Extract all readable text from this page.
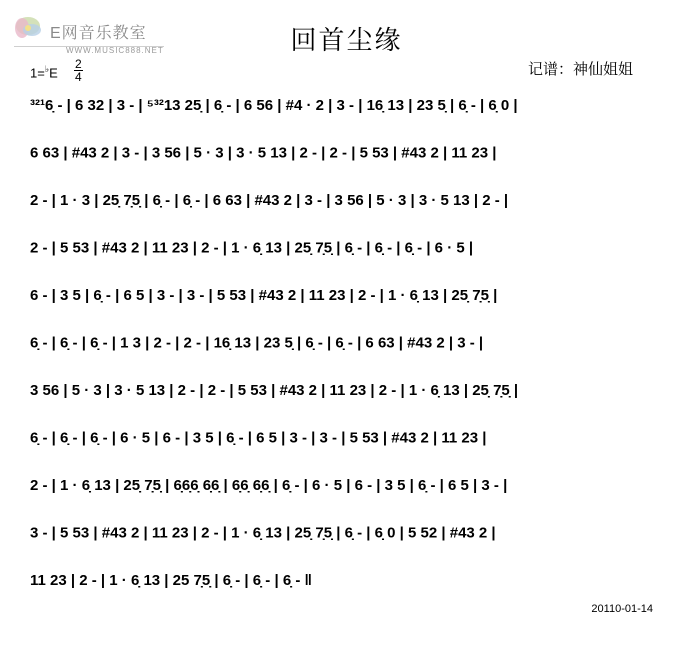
E网音乐教室
WWW.MUSIC888.NET	回首尘缘
1=♭E
2
4	记谱：神仙姐姐
³²¹6̣ - | 6 32 | 3 - | ⁵³²13 25̣ | 6̣ - | 6 56 | #4 · 2 | 3 - | 16̣ 13 | 23 5̣ | 6̣ - | 6̣ 0 |
6 63 | #43 2 | 3 - | 3 56 | 5 · 3 | 3 · 5 13 | 2 - | 2 - | 5 53 | #43 2 | 11 23 |
2 - | 1 · 3 | 25̣ 7̣5̣ | 6̣ - | 6̣ - | 6 63 | #43 2 | 3 - | 3 56 | 5 · 3 | 3 · 5 13 | 2 - |
2 - | 5 53 | #43 2 | 11 23 | 2 - | 1 · 6̣ 13 | 25̣ 7̣5̣ | 6̣ - | 6̣ - | 6̣ - | 6 · 5 |
6 - | 3 5 | 6̣ - | 6 5 | 3 - | 3 - | 5 53 | #43 2 | 11 23 | 2 - | 1 · 6̣ 13 | 25̣ 7̣5̣ |
6̣ - | 6̣ - | 6̣ - | 1 3 | 2 - | 2 - | 16̣ 13 | 23 5̣ | 6̣ - | 6̣ - | 6 63 | #43 2 | 3 - |
3 56 | 5 · 3 | 3 · 5 13 | 2 - | 2 - | 5 53 | #43 2 | 11 23 | 2 - | 1 · 6̣ 13 | 25̣ 7̣5̣ |
6̣ - | 6̣ - | 6̣ - | 6 · 5 | 6 - | 3 5 | 6̣ - | 6 5 | 3 - | 3 - | 5 53 | #43 2 | 11 23 |
2 - | 1 · 6̣ 13 | 25̣ 7̣5̣ | 6̣6̣6̣ 6̣6̣ | 6̣6̣ 6̣6̣ | 6̣ - | 6 · 5 | 6 - | 3 5 | 6̣ - | 6 5 | 3 - |
3 - | 5 53 | #43 2 | 11 23 | 2 - | 1 · 6̣ 13 | 25̣ 7̣5̣ | 6̣ - | 6̣ 0 | 5 52 | #43 2 |
11 23 | 2 - | 1 · 6̣ 13 | 25 7̣5̣ | 6̣ - | 6̣ - | 6̣ - ‖
20110-01-14
